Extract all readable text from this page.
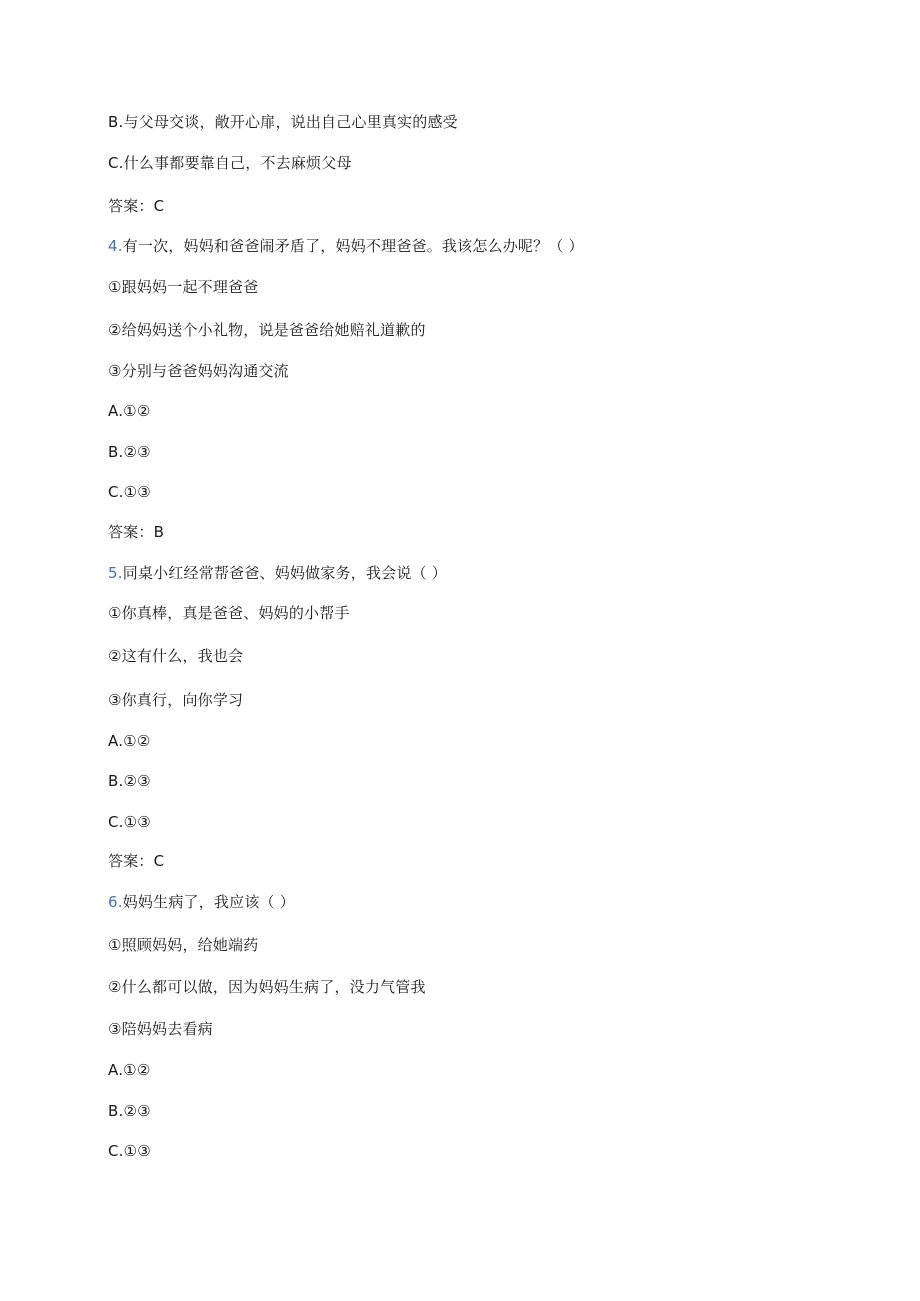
B.与父母交谈，敞开心扉，说出自己心里真实的感受
C.什么事都要靠自己，不去麻烦父母
答案：C
4.有一次，妈妈和爸爸闹矛盾了，妈妈不理爸爸。我该怎么办呢？（ ）
①跟妈妈一起不理爸爸
②给妈妈送个小礼物，说是爸爸给她赔礼道歉的
③分别与爸爸妈妈沟通交流
A.①②
B.②③
C.①③
答案：B
5.同桌小红经常帮爸爸、妈妈做家务，我会说（ ）
①你真棒，真是爸爸、妈妈的小帮手
②这有什么，我也会
③你真行，向你学习
A.①②
B.②③
C.①③
答案：C
6.妈妈生病了，我应该（ ）
①照顾妈妈，给她端药
②什么都可以做，因为妈妈生病了，没力气管我
③陪妈妈去看病
A.①②
B.②③
C.①③
